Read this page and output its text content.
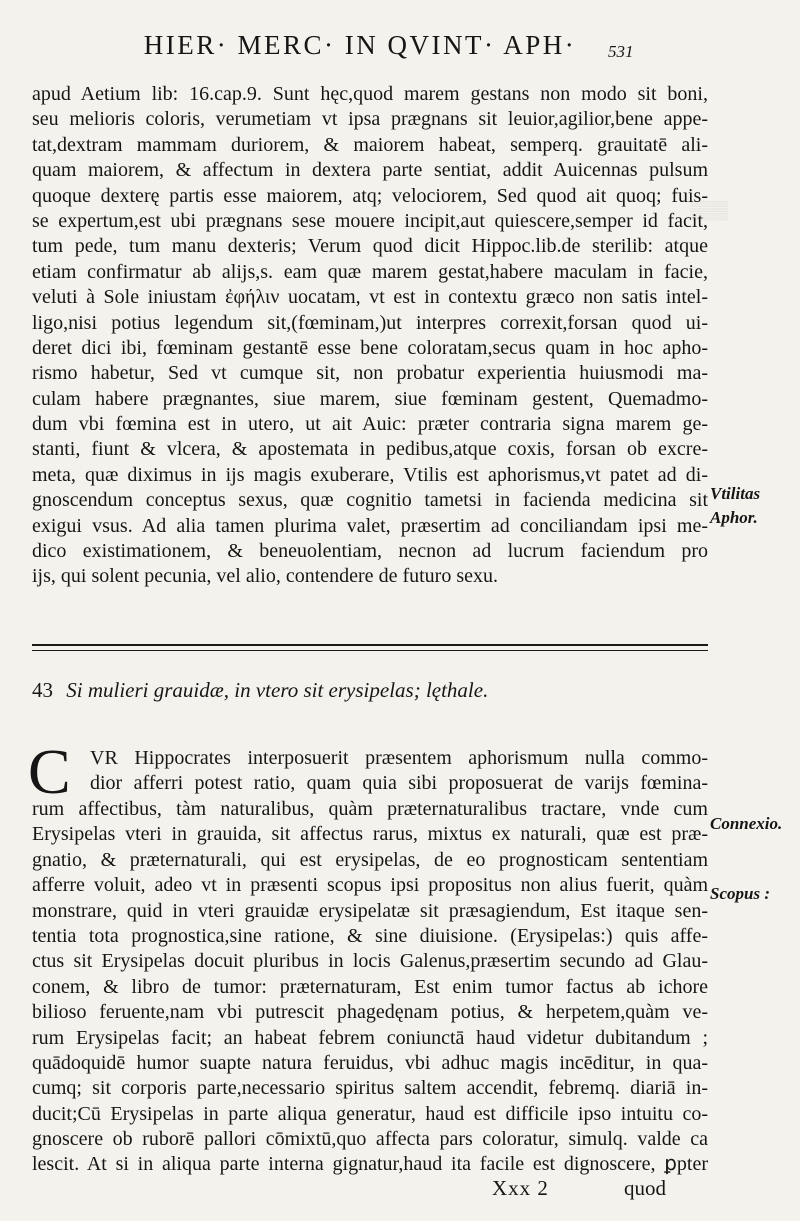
HIER· MERC· IN QVINT· APH·	531
▒▒▒
apud Aetium lib: 16.cap.9. Sunt hęc,quod marem gestans non modo sit boni,
seu melioris coloris, verumetiam vt ipsa prægnans sit leuior,agilior,bene appe-
tat,dextram mammam duriorem, & maiorem habeat, semperq. grauitatē ali-
quam maiorem, & affectum in dextera parte sentiat, addit Auicennas pulsum
quoque dexterę partis esse maiorem, atq; velociorem, Sed quod ait quoq; fuis-
se expertum,est ubi prægnans sese mouere incipit,aut quiescere,semper id facit,
tum pede, tum manu dexteris; Verum quod dicit Hippoc.lib.de sterilib: atque
etiam confirmatur ab alijs,s. eam quæ marem gestat,habere maculam in facie,
veluti à Sole iniustam ἐφήλιν uocatam, vt est in contextu græco non satis intel-
ligo,nisi potius legendum sit,(fœminam,)ut interpres correxit,forsan quod ui-
deret dici ibi, fœminam gestantē esse bene coloratam,secus quam in hoc apho-
rismo habetur, Sed vt cumque sit, non probatur experientia huiusmodi ma-
culam habere prægnantes, siue marem, siue fœminam gestent, Quemadmo-
dum vbi fœmina est in utero, ut ait Auic: præter contraria signa marem ge-
stanti, fiunt & vlcera, & apostemata in pedibus,atque coxis, forsan ob excre-
meta, quæ diximus in ijs magis exuberare, Vtilis est aphorismus,vt patet ad di-
gnoscendum conceptus sexus, quæ cognitio tametsi in facienda medicina sit
exigui vsus. Ad alia tamen plurima valet, præsertim ad conciliandam ipsi me-
dico existimationem, & beneuolentiam, necnon ad lucrum faciendum pro
ijs, qui solent pecunia, vel alio, contendere de futuro sexu.
Vtilitas
Aphor.
43 Si mulieri grauidæ, in vtero sit erysipelas; lęthale.
C VR Hippocrates interposuerit præsentem aphorismum nulla commo-
dior afferri potest ratio, quam quia sibi proposuerat de varijs fœmina-
rum affectibus, tàm naturalibus, quàm præternaturalibus tractare, vnde cum
Erysipelas vteri in grauida, sit affectus rarus, mixtus ex naturali, quæ est præ-
gnatio, & præternaturali, qui est erysipelas, de eo prognosticam sententiam
afferre voluit, adeo vt in præsenti scopus ipsi propositus non alius fuerit, quàm
monstrare, quid in vteri grauidæ erysipelatæ sit præsagiendum, Est itaque sen-
tentia tota prognostica,sine ratione, & sine diuisione. (Erysipelas:) quis affe-
ctus sit Erysipelas docuit pluribus in locis Galenus,præsertim secundo ad Glau-
conem, & libro de tumor: præternaturam, Est enim tumor factus ab ichore
bilioso feruente,nam vbi putrescit phagedęnam potius, & herpetem,quàm ve-
rum Erysipelas facit; an habeat febrem coniunctā haud videtur dubitandum ;
quādoquidē humor suapte natura feruidus, vbi adhuc magis incēditur, in qua-
cumq; sit corporis parte,necessario spiritus saltem accendit, febremq. diariā in-
ducit;Cū Erysipelas in parte aliqua generatur, haud est difficile ipso intuitu co-
gnoscere ob ruborē pallori cōmixtū,quo affecta pars coloratur, simulq. valde ca
lescit. At si in aliqua parte interna gignatur,haud ita facile est dignoscere, ꝑpter
Connexio.
Scopus :
Xxx 2	quod
